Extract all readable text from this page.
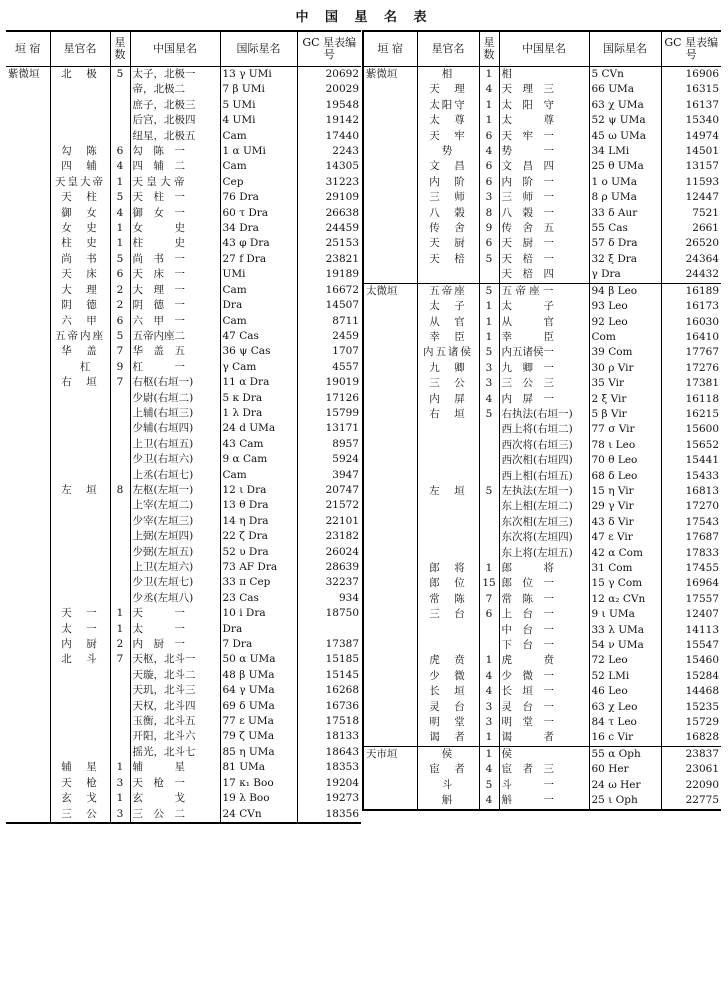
中 国 星 名 表
垣 宿	星官名	星数	中国星名	国际星名	GC 星表编号
紫微垣	北　极	5	太子，北极一	13 γ UMi	20692
			帝，北极二	7 β UMi	20029
			庶子，北极三	5 UMi	19548
			后宫，北极四	4 UMi	19142
			纽星，北极五	Cam	17440
	勾　陈	6	勾　陈　一	1 α UMi	2243
	四　辅	4	四　辅　二	Cam	14305
	天皇大帝	1	天 皇 大 帝	Cep	31223
	天　柱	5	天　柱　一	76 Dra	29109
	御　女	4	御　女　一	60 τ Dra	26638
	女　史	1	女　　　史	34 Dra	24459
	柱　史	1	柱　　　史	43 φ Dra	25153
	尚　书	5	尚　书　一	27 f Dra	23821
	天　床	6	天　床　一	UMi	19189
	大　理	2	大　理　一	Cam	16672
	阴　德	2	阴　德　一	Dra	14507
	六　甲	6	六　甲　一	Cam	8711
	五帝内座	5	五帝内座二	47 Cas	2459
	华　盖	7	华　盖　五	36 ψ Cas	1707
	　杠	9	杠　　　一	γ Cam	4557
	右　垣	7	右枢(右垣一)	11 α Dra	19019
			少尉(右垣二)	5 κ Dra	17126
			上辅(右垣三)	1 λ Dra	15799
			少辅(右垣四)	24 d UMa	13171
			上卫(右垣五)	43 Cam	8957
			少卫(右垣六)	9 α Cam	5924
			上丞(右垣七)	Cam	3947
	左　垣	8	左枢(左垣一)	12 ι Dra	20747
			上宰(左垣二)	13 θ Dra	21572
			少宰(左垣三)	14 η Dra	22101
			上弼(左垣四)	22 ζ Dra	23182
			少弼(左垣五)	52 υ Dra	26024
			上卫(左垣六)	73 AF Dra	28639
			少卫(左垣七)	33 π Cep	32237
			少丞(左垣八)	23 Cas	934
	天　一	1	天　　　一	10 i Dra	18750
	太　一	1	太　　　一	Dra	
	内　厨	2	内　厨　一	7 Dra	17387
	北　斗	7	天枢，北斗一	50 α UMa	15185
			天璇，北斗二	48 β UMa	15145
			天玑，北斗三	64 γ UMa	16268
			天权，北斗四	69 δ UMa	16736
			玉衡，北斗五	77 ε UMa	17518
			开阳，北斗六	79 ζ UMa	18133
			摇光，北斗七	85 η UMa	18643
	辅　星	1	辅　　　星	81 UMa	18353
	天　枪	3	天　枪　一	17 κ₁ Boo	19204
	玄　戈	1	玄　　　戈	19 λ Boo	19273
	三　公	3	三　公　二	24 CVn	18356
垣 宿	星官名	星数	中国星名	国际星名	GC 星表编号
紫微垣	相	1	相	5 CVn	16906
	天　理	4	天　理　三	66 UMa	16315
	太阳守	1	太　阳　守	63 χ UMa	16137
	太　尊	1	太　　　尊	52 ψ UMa	15340
	天　牢	6	天　牢　一	45 ω UMa	14974
	势	4	势　　　一	34 LMi	14501
	文　昌	6	文　昌　四	25 θ UMa	13157
	内　阶	6	内　阶　一	1 o UMa	11593
	三　师	3	三　师　一	8 ρ UMa	12447
	八　榖	8	八　榖　一	33 δ Aur	7521
	传　舍	9	传　舍　五	55 Cas	2661
	天　厨	6	天　厨　一	57 δ Dra	26520
	天　棓	5	天　棓　一	32 ξ Dra	24364
			天　棓　四	γ Dra	24432
太微垣	五帝座	5	五 帝 座 一	94 β Leo	16189
	太　子	1	太　　　子	93 Leo	16173
	从　官	1	从　　　官	92 Leo	16030
	幸　臣	1	幸　　　臣	Com	16410
	内五诸侯	5	内五诸侯一	39 Com	17767
	九　卿	3	九　卿　一	30 ρ Vir	17276
	三　公	3	三　公　三	35 Vir	17381
	内　屏	4	内　屏　一	2 ξ Vir	16118
	右　垣	5	右执法(右垣一)	5 β Vir	16215
			西上将(右垣二)	77 σ Vir	15600
			西次将(右垣三)	78 ι Leo	15652
			西次相(右垣四)	70 θ Leo	15441
			西上相(右垣五)	68 δ Leo	15433
	左　垣	5	左执法(左垣一)	15 η Vir	16813
			东上相(左垣二)	29 γ Vir	17270
			东次相(左垣三)	43 δ Vir	17543
			东次将(左垣四)	47 ε Vir	17687
			东上将(左垣五)	42 α Com	17833
	郎　将	1	郎　　　将	31 Com	17455
	郎　位	15	郎　位　一	15 γ Com	16964
	常　陈	7	常　陈　一	12 α₂ CVn	17557
	三　台	6	上　台　一	9 ι UMa	12407
			中　台　一	33 λ UMa	14113
			下　台　一	54 ν UMa	15547
	虎　贲	1	虎　　　贲	72 Leo	15460
	少　微	4	少　微　一	52 LMi	15284
	长　垣	4	长　垣　一	46 Leo	14468
	灵　台	3	灵　台　一	63 χ Leo	15235
	明　堂	3	明　堂　一	84 τ Leo	15729
	谒　者	1	谒　　　者	16 c Vir	16828
天市垣	侯	1	侯	55 α Oph	23837
	宦　者	4	宦　者　三	60 Her	23061
	斗	5	斗　　　一	24 ω Her	22090
	斛	4	斛　　　一	25 ι Oph	22775
